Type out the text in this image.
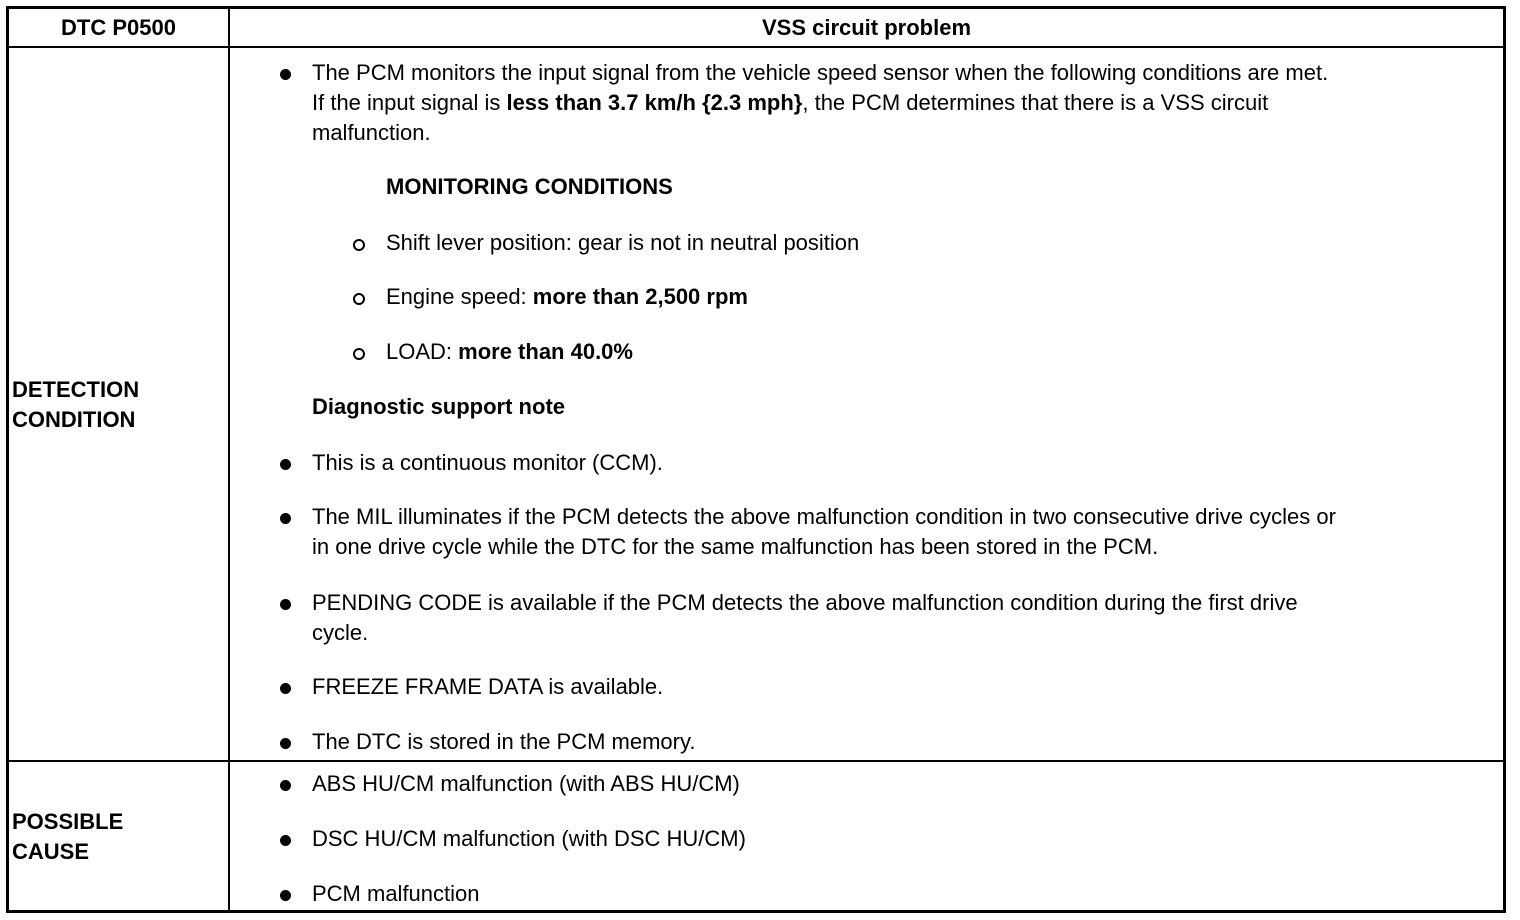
DTC P0500	VSS circuit problem
DETECTION
CONDITION
The PCM monitors the input signal from the vehicle speed sensor when the following conditions are met.
If the input signal is less than 3.7 km/h {2.3 mph}, the PCM determines that there is a VSS circuit
malfunction.
MONITORING CONDITIONS
Shift lever position: gear is not in neutral position
Engine speed: more than 2,500 rpm
LOAD: more than 40.0%
Diagnostic support note
This is a continuous monitor (CCM).
The MIL illuminates if the PCM detects the above malfunction condition in two consecutive drive cycles or
in one drive cycle while the DTC for the same malfunction has been stored in the PCM.
PENDING CODE is available if the PCM detects the above malfunction condition during the first drive
cycle.
FREEZE FRAME DATA is available.
The DTC is stored in the PCM memory.
POSSIBLE
CAUSE
ABS HU/CM malfunction (with ABS HU/CM)
DSC HU/CM malfunction (with DSC HU/CM)
PCM malfunction
